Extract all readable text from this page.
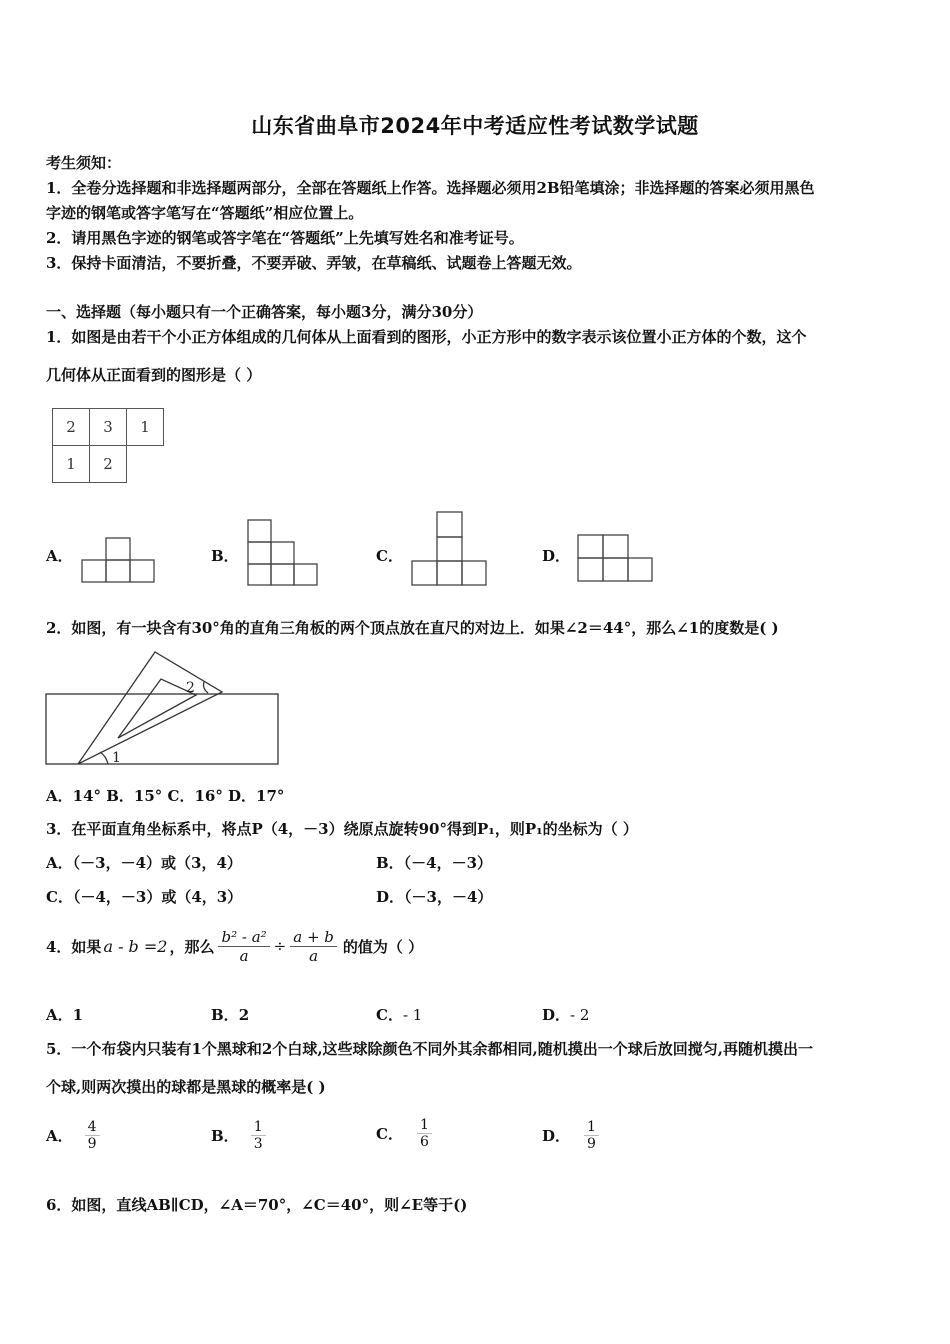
山东省曲阜市2024年中考适应性考试数学试题
考生须知：
1．全卷分选择题和非选择题两部分，全部在答题纸上作答。选择题必须用2B铅笔填涂；非选择题的答案必须用黑色
字迹的钢笔或答字笔写在“答题纸”相应位置上。
2．请用黑色字迹的钢笔或答字笔在“答题纸”上先填写姓名和准考证号。
3．保持卡面清洁，不要折叠，不要弄破、弄皱，在草稿纸、试题卷上答题无效。
一、选择题（每小题只有一个正确答案，每小题3分，满分30分）
1．如图是由若干个小正方体组成的几何体从上面看到的图形，小正方形中的数字表示该位置小正方体的个数，这个
几何体从正面看到的图形是（ ）
2	3	1
1	2
A．	B．	C．	D．
2．如图，有一块含有30°角的直角三角板的两个顶点放在直尺的对边上．如果∠2＝44°，那么∠1的度数是( )
2
1
A．14° B．15° C．16° D．17°
3．在平面直角坐标系中，将点P（4，－3）绕原点旋转90°得到P₁，则P₁的坐标为（ ）
A．（－3，－4）或（3，4）	B．（－4，－3）
C．（－4，－3）或（4，3）	D．（－3，－4）
4．如果 a - b =2 ，那么 $\frac{\text{b² - a²}}{a} \div \frac{a + b}{a}$ 的值为（ ）
A．1	B．2	C．- 1	D．- 2
5．一个布袋内只装有1个黑球和2个白球,这些球除颜色不同外其余都相同,随机摸出一个球后放回搅匀,再随机摸出一
个球,则两次摸出的球都是黑球的概率是( )
A． $\frac{4}{9}$	B． $\frac{1}{3}$	C． $\frac{1}{6}$	D． $\frac{1}{9}$
6．如图，直线AB∥CD，∠A＝70°，∠C＝40°，则∠E等于()
